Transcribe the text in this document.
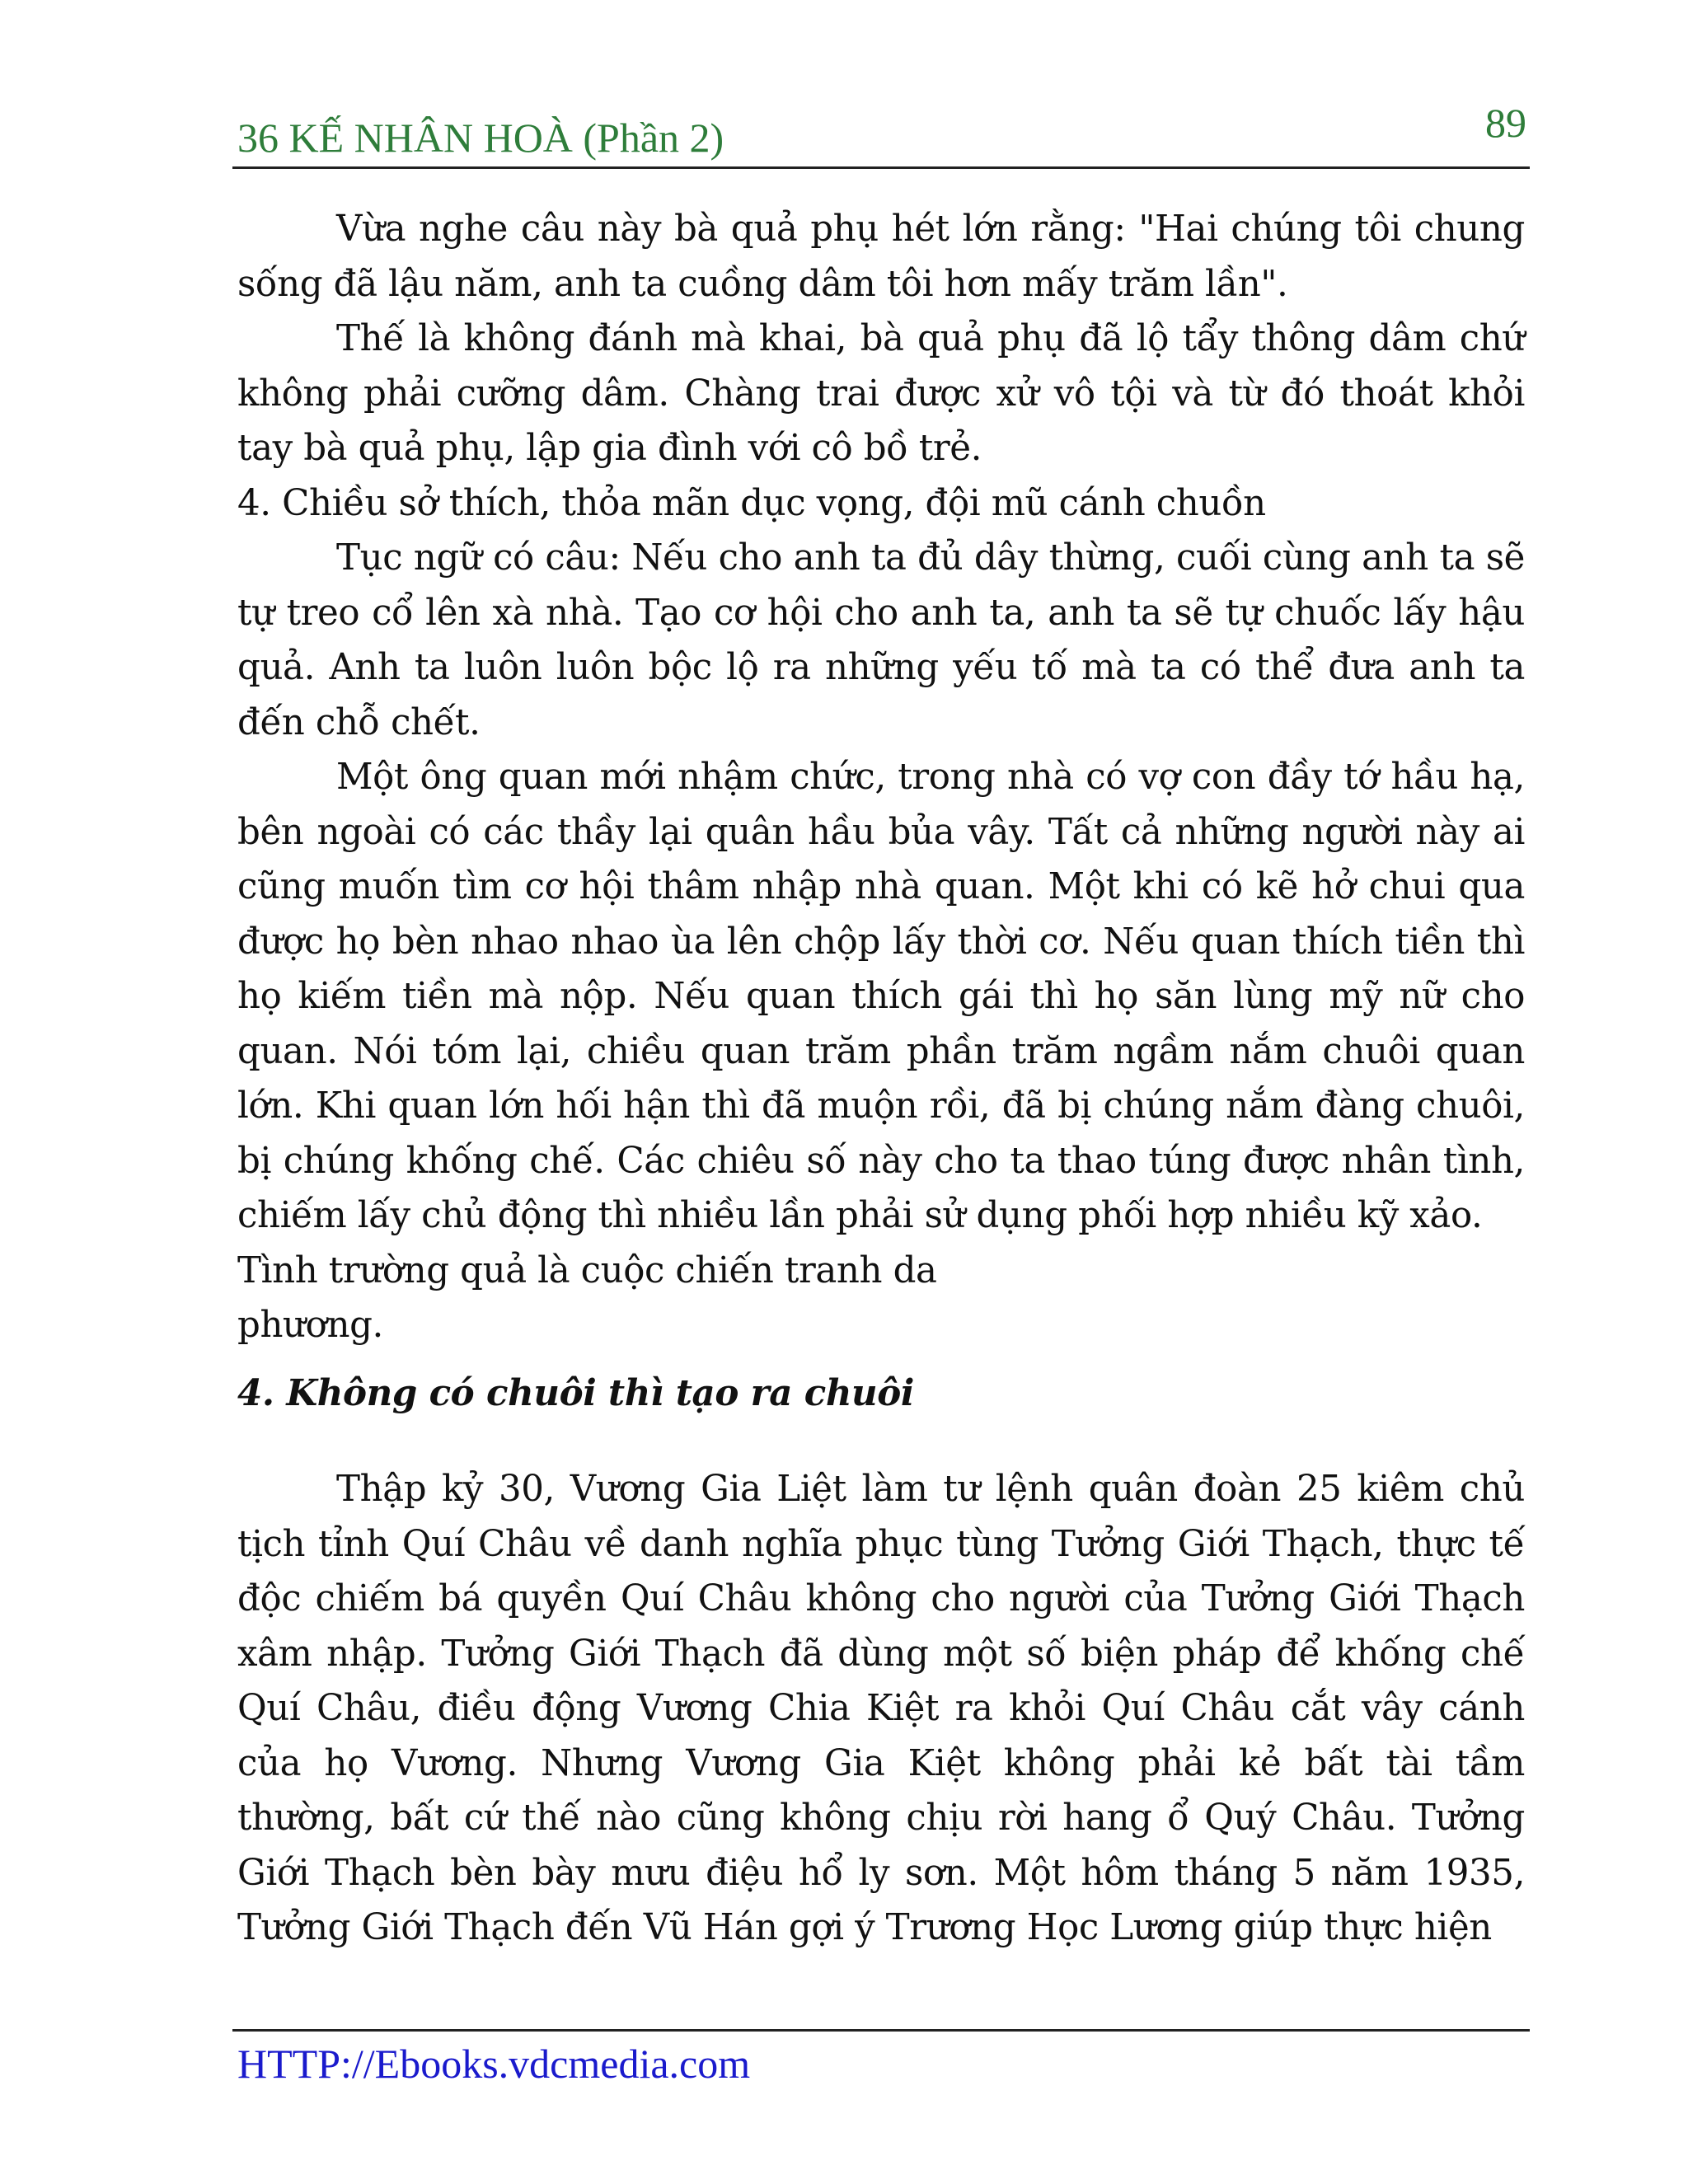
36 KẾ NHÂN HOÀ (Phần 2)	89

Vừa nghe câu này bà quả phụ hét lớn rằng: "Hai chúng tôi chung sống đã lậu năm, anh ta cuồng dâm tôi hơn mấy trăm lần".

Thế là không đánh mà khai, bà quả phụ đã lộ tẩy thông dâm chứ không phải cưỡng dâm. Chàng trai được xử vô tội và từ đó thoát khỏi tay bà quả phụ, lập gia đình với cô bồ trẻ.

4. Chiều sở thích, thỏa mãn dục vọng, đội mũ cánh chuồn

Tục ngữ có câu: Nếu cho anh ta đủ dây thừng, cuối cùng anh ta sẽ tự treo cổ lên xà nhà. Tạo cơ hội cho anh ta, anh ta sẽ tự chuốc lấy hậu quả. Anh ta luôn luôn bộc lộ ra những yếu tố mà ta có thể đưa anh ta đến chỗ chết.

Một ông quan mới nhậm chức, trong nhà có vợ con đầy tớ hầu hạ, bên ngoài có các thầy lại quân hầu bủa vây. Tất cả những người này ai cũng muốn tìm cơ hội thâm nhập nhà quan. Một khi có kẽ hở chui qua được họ bèn nhao nhao ùa lên chộp lấy thời cơ. Nếu quan thích tiền thì họ kiếm tiền mà nộp. Nếu quan thích gái thì họ săn lùng mỹ nữ cho quan. Nói tóm lại, chiều quan trăm phần trăm ngầm nắm chuôi quan lớn. Khi quan lớn hối hận thì đã muộn rồi, đã bị chúng nắm đàng chuôi, bị chúng khống chế. Các chiêu số này cho ta thao túng được nhân tình, chiếm lấy chủ động thì nhiều lần phải sử dụng phối hợp nhiều kỹ xảo.

Tình trường quả là cuộc chiến tranh da

phương.

4. Không có chuôi thì tạo ra chuôi

Thập kỷ 30, Vương Gia Liệt làm tư lệnh quân đoàn 25 kiêm chủ tịch tỉnh Quí Châu về danh nghĩa phục tùng Tưởng Giới Thạch, thực tế độc chiếm bá quyền Quí Châu không cho người của Tưởng Giới Thạch xâm nhập. Tưởng Giới Thạch đã dùng một số biện pháp để khống chế Quí Châu, điều động Vương Chia Kiệt ra khỏi Quí Châu cắt vây cánh của họ Vương. Nhưng Vương Gia Kiệt không phải kẻ bất tài tầm thường, bất cứ thế nào cũng không chịu rời hang ổ Quý Châu. Tưởng Giới Thạch bèn bày mưu điệu hổ ly sơn. Một hôm tháng 5 năm 1935, Tưởng Giới Thạch đến Vũ Hán gợi ý Trương Học Lương giúp thực hiện

HTTP://Ebooks.vdcmedia.com
